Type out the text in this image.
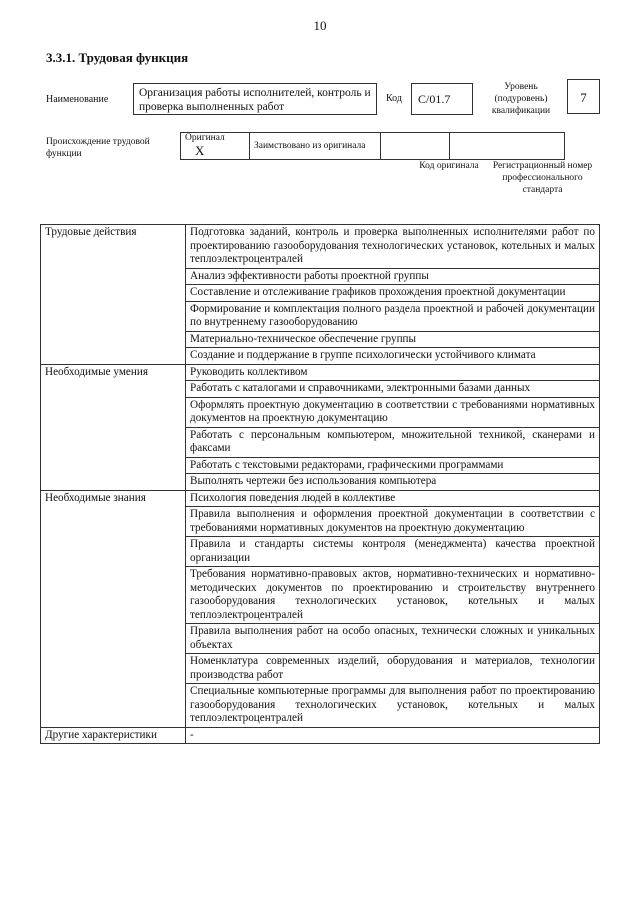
10
3.3.1. Трудовая функция
Наименование
Организация работы исполнителей, контроль и проверка выполненных работ
Код	C/01.7
Уровень (подуровень) квалификации
7
Происхождение трудовой функции
Оригинал X	Заимствовано из оригинала		
Код оригинала	Регистрационный номер профессионального стандарта
Трудовые действия	Подготовка заданий, контроль и проверка выполненных исполнителями работ по проектированию газооборудования технологических установок, котельных и малых теплоэлектроцентралей
	Анализ эффективности работы проектной группы
	Составление и отслеживание графиков прохождения проектной документации
	Формирование и комплектация полного раздела проектной и рабочей документации по внутреннему газооборудованию
	Материально-техническое обеспечение группы
	Создание и поддержание в группе психологически устойчивого климата
Необходимые умения	Руководить коллективом
	Работать с каталогами и справочниками, электронными базами данных
	Оформлять проектную документацию в соответствии с требованиями нормативных документов на проектную документацию
	Работать с персональным компьютером, множительной техникой, сканерами и факсами
	Работать с текстовыми редакторами, графическими программами
	Выполнять чертежи без использования компьютера
Необходимые знания	Психология поведения людей в коллективе
	Правила выполнения и оформления проектной документации в соответствии с требованиями нормативных документов на проектную документацию
	Правила и стандарты системы контроля (менеджмента) качества проектной организации
	Требования нормативно-правовых актов, нормативно-технических и нормативно-методических документов по проектированию и строительству внутреннего газооборудования технологических установок, котельных и малых теплоэлектроцентралей
	Правила выполнения работ на особо опасных, технически сложных и уникальных объектах
	Номенклатура современных изделий, оборудования и материалов, технологии производства работ
	Специальные компьютерные программы для выполнения работ по проектированию газооборудования технологических установок, котельных и малых теплоэлектроцентралей
Другие характеристики	-
